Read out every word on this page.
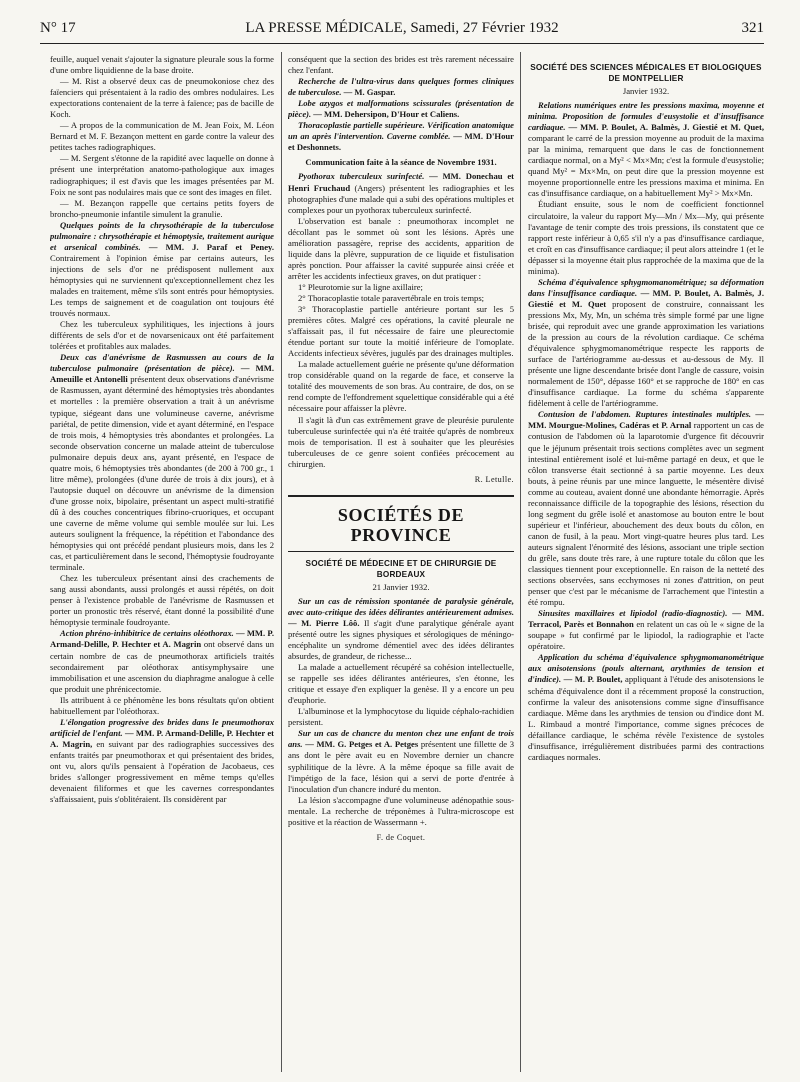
N° 17	LA PRESSE MÉDICALE, Samedi, 27 Février 1932	321

feuille, auquel venait s'ajouter la signature pleurale sous la forme d'une ombre liquidienne de la base droite.

— M. Rist a observé deux cas de pneumokoniose chez des faïenciers qui présentaient à la radio des ombres nodulaires. Les expectorations contenaient de la terre à faïence; pas de bacille de Koch.

— A propos de la communication de M. Jean Foix, M. Léon Bernard et M. F. Bezançon mettent en garde contre la valeur des petites taches radiographiques.

— M. Sergent s'étonne de la rapidité avec laquelle on donne à présent une interprétation anatomo-pathologique aux images radiographiques; il est d'avis que les images présentées par M. Foix ne sont pas nodulaires mais que ce sont des images en filet.

— M. Bezançon rappelle que certains petits foyers de broncho-pneumonie infantile simulent la granulie.

Quelques points de la chrysothérapie de la tuberculose pulmonaire : chrysothérapie et hémoptysie, traitement aurique et arsenical combinés. — MM. J. Paraf et Peney. Contrairement à l'opinion émise par certains auteurs, les injections de sels d'or ne prédisposent nullement aux hémoptysies qui ne surviennent qu'exceptionnellement chez les malades en traitement, même s'ils sont entrés pour hémoptysies. Les temps de saignement et de coagulation ont toujours été trouvés normaux.

Chez les tuberculeux syphilitiques, les injections à jours différents de sels d'or et de novarsenicaux ont été parfaitement tolérées et profitables aux malades.

Deux cas d'anévrisme de Rasmussen au cours de la tuberculose pulmonaire (présentation de pièce). — MM. Ameuille et Antonelli présentent deux observations d'anévrisme de Rasmussen, ayant déterminé des hémoptysies très abondantes et mortelles : la première observation a trait à un anévrisme typique, siégeant dans une volumineuse caverne, anévrisme pariétal, de petite dimension, vide et ayant déterminé, en l'espace de trois mois, 4 hémoptysies très abondantes et prolongées. La seconde observation concerne un malade atteint de tuberculose pulmonaire depuis deux ans, ayant présenté, en l'espace de quatre mois, 6 hémoptysies très abondantes (de 200 à 700 gr., 1 litre même), prolongées (d'une durée de trois à dix jours), et à l'autopsie duquel on découvre un anévrisme de la dimension d'une grosse noix, bipolaire, présentant un aspect multi-stratifié dû à des couches concentriques fibrino-cruoriques, et occupant une caverne de même volume qui semble moulée sur lui. Les auteurs soulignent la fréquence, la répétition et l'abondance des hémoptysies qui ont précédé pendant plusieurs mois, dans les 2 cas, et particulièrement dans le second, l'hémoptysie foudroyante terminale.

Chez les tuberculeux présentant ainsi des crachements de sang aussi abondants, aussi prolongés et aussi répétés, on doit penser à l'existence probable de l'anévrisme de Rasmussen et porter un pronostic très réservé, étant donné la possibilité d'une hémoptysie terminale foudroyante.

Action phréno-inhibitrice de certains oléothorax. — MM. P. Armand-Delille, P. Hechter et A. Magrin ont observé dans un certain nombre de cas de pneumothorax artificiels traités secondairement par oléothorax antisymphysaire une immobilisation et une ascension du diaphragme analogue à celle que produit une phrénicectomie.

Ils attribuent à ce phénomène les bons résultats qu'on obtient habituellement par l'oléothorax.

L'élongation progressive des brides dans le pneumothorax artificiel de l'enfant. — MM. P. Armand-Delille, P. Hechter et A. Magrin, en suivant par des radiographies successives des enfants traités par pneumothorax et qui présentaient des brides, ont vu, alors qu'ils pensaient à l'opération de Jacobaeus, ces brides s'allonger progressivement en même temps qu'elles devenaient filiformes et que les cavernes correspondantes s'affaissaient, puis s'oblitéraient. Ils considèrent par

conséquent que la section des brides est très rarement nécessaire chez l'enfant.

Recherche de l'ultra-virus dans quelques formes cliniques de tuberculose. — M. Gaspar.

Lobe azygos et malformations scissurales (présentation de pièce). — MM. Dehersipon, D'Hour et Caliens.

Thoracoplastie partielle supérieure. Vérification anatomique un an après l'intervention. Caverne comblée. — MM. D'Hour et Deshonnets.

Communication faite à la séance de Novembre 1931.

Pyothorax tuberculeux surinfecté. — MM. Donechau et Henri Fruchaud (Angers) présentent les radiographies et les photographies d'une malade qui a subi des opérations multiples et complexes pour un pyothorax tuberculeux surinfecté.

L'observation est banale : pneumothorax incomplet ne décollant pas le sommet où sont les lésions. Après une amélioration passagère, reprise des accidents, apparition de liquide dans la plèvre, suppuration de ce liquide et fistulisation après ponction. Pour affaisser la cavité suppurée ainsi créée et arrêter les accidents infectieux graves, on dut pratiquer :

1° Pleurotomie sur la ligne axillaire;

2° Thoracoplastie totale paravertébrale en trois temps;

3° Thoracoplastie partielle antérieure portant sur les 5 premières côtes. Malgré ces opérations, la cavité pleurale ne s'affaissait pas, il fut nécessaire de faire une pleurectomie étendue portant sur toute la moitié inférieure de l'omoplate. Accidents infectieux sévères, jugulés par des drainages multiples.

La malade actuellement guérie ne présente qu'une déformation trop considérable quand on la regarde de face, et conserve la totalité des mouvements de son bras. Au contraire, de dos, on se rend compte de l'effondrement squelettique considérable qui a été nécessaire pour affaisser la plèvre.

Il s'agit là d'un cas extrêmement grave de pleurésie purulente tuberculeuse surinfectée qui n'a été traitée qu'après de nombreux mois de temporisation. Il est à souhaiter que les pleurésies tuberculeuses de ce genre soient confiées précocement au chirurgien.

R. Letulle.
SOCIÉTÉS DE PROVINCE
SOCIÉTÉ DE MÉDECINE ET DE CHIRURGIE DE BORDEAUX
21 Janvier 1932.

Sur un cas de rémission spontanée de paralysie générale, avec auto-critique des idées délirantes antérieurement admises. — M. Pierre Lôô. Il s'agit d'une paralytique générale ayant présenté outre les signes physiques et sérologiques de méningo-encéphalite un syndrome démentiel avec des idées délirantes absurdes, de grandeur, de richesse...

La malade a actuellement récupéré sa cohésion intellectuelle, se rappelle ses idées délirantes antérieures, s'en étonne, les critique et essaye d'en expliquer la genèse. Il y a encore un peu d'euphorie.

L'albuminose et la lymphocytose du liquide céphalo-rachidien persistent.

Sur un cas de chancre du menton chez une enfant de trois ans. — MM. G. Petges et A. Petges présentent une fillette de 3 ans dont le père avait eu en Novembre dernier un chancre syphilitique de la lèvre. A la même époque sa fille avait de l'impétigo de la face, lésion qui a servi de porte d'entrée à l'inoculation d'un chancre induré du menton.

La lésion s'accompagne d'une volumineuse adénopathie sous-mentale. La recherche de tréponèmes à l'ultra-microscope est positive et la réaction de Wassermann +.

F. de Coquet.
SOCIÉTÉ DES SCIENCES MÉDICALES ET BIOLOGIQUES DE MONTPELLIER
Janvier 1932.

Relations numériques entre les pressions maxima, moyenne et minima. Proposition de formules d'eusystolie et d'insuffisance cardiaque. — MM. P. Boulet, A. Balmès, J. Giestié et M. Quet, comparant le carré de la pression moyenne au produit de la maxima par la minima, remarquent que dans le cas de fonctionnement cardiaque normal, on a My² < Mx×Mn; c'est la formule d'eusystolie; quand My² = Mx×Mn, on peut dire que la pression moyenne est moyenne proportionnelle entre les pressions maxima et minima. En cas d'insuffisance cardiaque, on a habituellement My² > Mx×Mn.

Étudiant ensuite, sous le nom de coefficient fonctionnel circulatoire, la valeur du rapport My—Mn / Mx—My, qui présente l'avantage de tenir compte des trois pressions, ils constatent que ce rapport reste inférieur à 0,65 s'il n'y a pas d'insuffisance cardiaque, et croît en cas d'insuffisance cardiaque; il peut alors atteindre 1 (et le dépasser si la moyenne était plus rapprochée de la maxima que de la minima).

Schéma d'équivalence sphygmomanométrique; sa déformation dans l'insuffisance cardiaque. — MM. P. Boulet, A. Balmès, J. Giestié et M. Quet proposent de construire, connaissant les pressions Mx, My, Mn, un schéma très simple formé par une ligne brisée, qui reproduit avec une grande approximation les variations de la pression au cours de la révolution cardiaque. Ce schéma d'équivalence sphygmomanométrique respecte les rapports de surface de l'artériogramme au-dessus et au-dessous de My. Il présente une ligne descendante brisée dont l'angle de cassure, voisin normalement de 150°, dépasse 160° et se rapproche de 180° en cas d'insuffisance cardiaque. La forme du schéma s'apparente fidèlement à celle de l'artériogramme.

Contusion de l'abdomen. Ruptures intestinales multiples. — MM. Mourgue-Molines, Cadéras et P. Arnal rapportent un cas de contusion de l'abdomen où la laparotomie d'urgence fit découvrir que le jéjunum présentait trois sections complètes avec un segment intestinal entièrement isolé et lui-même partagé en deux, et que le côlon transverse était sectionné à sa partie moyenne. Les deux bouts, à peine réunis par une mince languette, le mésentère divisé comme au couteau, avaient donné une abondante hémorragie. Après reconnaissance difficile de la topographie des lésions, résection du long segment du grêle isolé et anastomose au bouton entre le bout supérieur et l'inférieur, abouchement des deux bouts du côlon, en canon de fusil, à la peau. Mort vingt-quatre heures plus tard. Les auteurs signalent l'énormité des lésions, associant une triple section du grêle, sans doute très rare, à une rupture totale du côlon que les classiques tiennent pour exceptionnelle. En raison de la netteté des sections observées, sans ecchymoses ni zones d'attrition, on peut penser que c'est par le mécanisme de l'arrachement que l'intestin a été rompu.

Sinusites maxillaires et lipiodol (radio-diagnostic). — MM. Terracol, Parès et Bonnahon en relatent un cas où le « signe de la soupape » fut confirmé par le lipiodol, la radiographie et l'acte opératoire.

Application du schéma d'équivalence sphygmomanométrique aux anisotensions (pouls alternant, arythmies de tension et d'indice). — M. P. Boulet, appliquant à l'étude des anisotensions le schéma d'équivalence dont il a récemment proposé la construction, confirme la valeur des anisotensions comme signe d'insuffisance cardiaque. Même dans les arythmies de tension ou d'indice dont M. L. Rimbaud a montré l'importance, comme signes précoces de défaillance cardiaque, le schéma révèle l'existence de systoles d'insuffisance, irrégulièrement distribuées parmi des contractions cardiaques normales.
